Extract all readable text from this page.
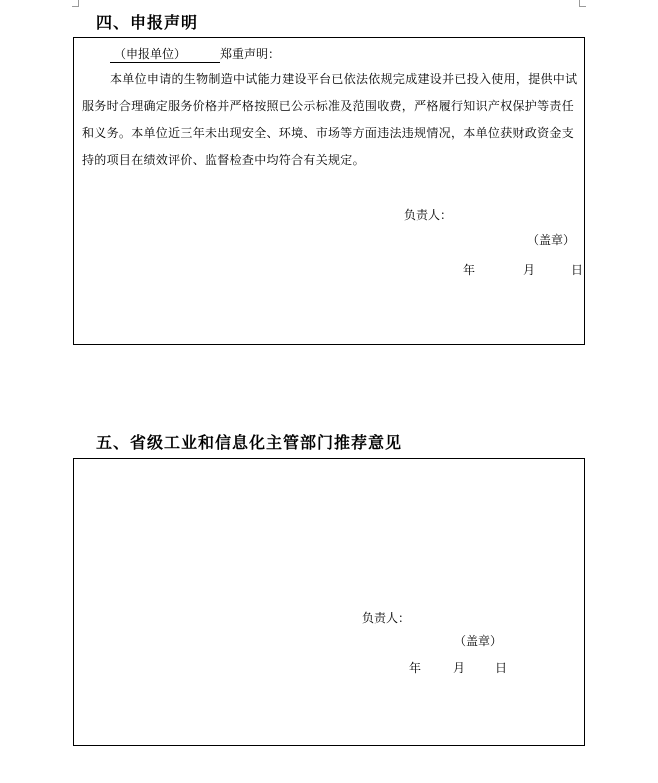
四、申报声明
（申报单位）	郑重声明：
本单位申请的生物制造中试能力建设平台已依法依规完成建设并已投入使用，提供中试服务时合理确定服务价格并严格按照已公示标准及范围收费，严格履行知识产权保护等责任和义务。本单位近三年未出现安全、环境、市场等方面违法违规情况，本单位获财政资金支持的项目在绩效评价、监督检查中均符合有关规定。
负责人：
（盖章）
年	月	日
五、省级工业和信息化主管部门推荐意见
负责人：
（盖章）
年	月 日
